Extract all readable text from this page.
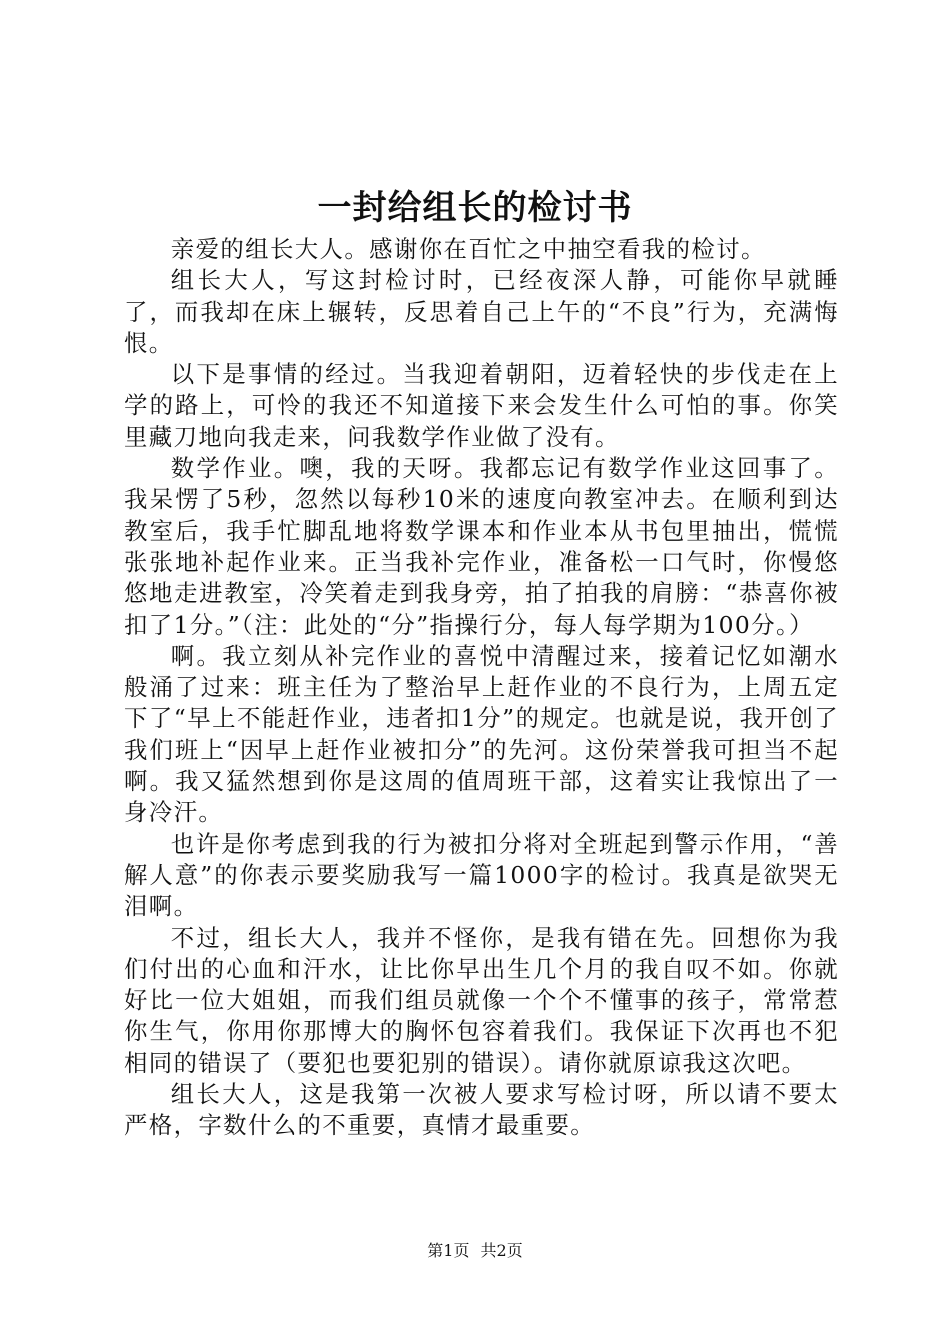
一封给组长的检讨书

亲爱的组长大人。感谢你在百忙之中抽空看我的检讨。

组长大人，写这封检讨时，已经夜深人静，可能你早就睡了，而我却在床上辗转，反思着自己上午的“不良”行为，充满悔恨。

以下是事情的经过。当我迎着朝阳，迈着轻快的步伐走在上学的路上，可怜的我还不知道接下来会发生什么可怕的事。你笑里藏刀地向我走来，问我数学作业做了没有。

数学作业。噢，我的天呀。我都忘记有数学作业这回事了。我呆愣了5秒，忽然以每秒10米的速度向教室冲去。在顺利到达教室后，我手忙脚乱地将数学课本和作业本从书包里抽出，慌慌张张地补起作业来。正当我补完作业，准备松一口气时，你慢悠悠地走进教室，冷笑着走到我身旁，拍了拍我的肩膀：“恭喜你被扣了1分。”（注：此处的“分”指操行分，每人每学期为100分。）

啊。我立刻从补完作业的喜悦中清醒过来，接着记忆如潮水般涌了过来：班主任为了整治早上赶作业的不良行为，上周五定下了“早上不能赶作业，违者扣1分”的规定。也就是说，我开创了我们班上“因早上赶作业被扣分”的先河。这份荣誉我可担当不起啊。我又猛然想到你是这周的值周班干部，这着实让我惊出了一身冷汗。

也许是你考虑到我的行为被扣分将对全班起到警示作用，“善解人意”的你表示要奖励我写一篇1000字的检讨。我真是欲哭无泪啊。

不过，组长大人，我并不怪你，是我有错在先。回想你为我们付出的心血和汗水，让比你早出生几个月的我自叹不如。你就好比一位大姐姐，而我们组员就像一个个不懂事的孩子，常常惹你生气，你用你那博大的胸怀包容着我们。我保证下次再也不犯相同的错误了（要犯也要犯别的错误）。请你就原谅我这次吧。

组长大人，这是我第一次被人要求写检讨呀，所以请不要太严格，字数什么的不重要，真情才最重要。

第1页 共2页
